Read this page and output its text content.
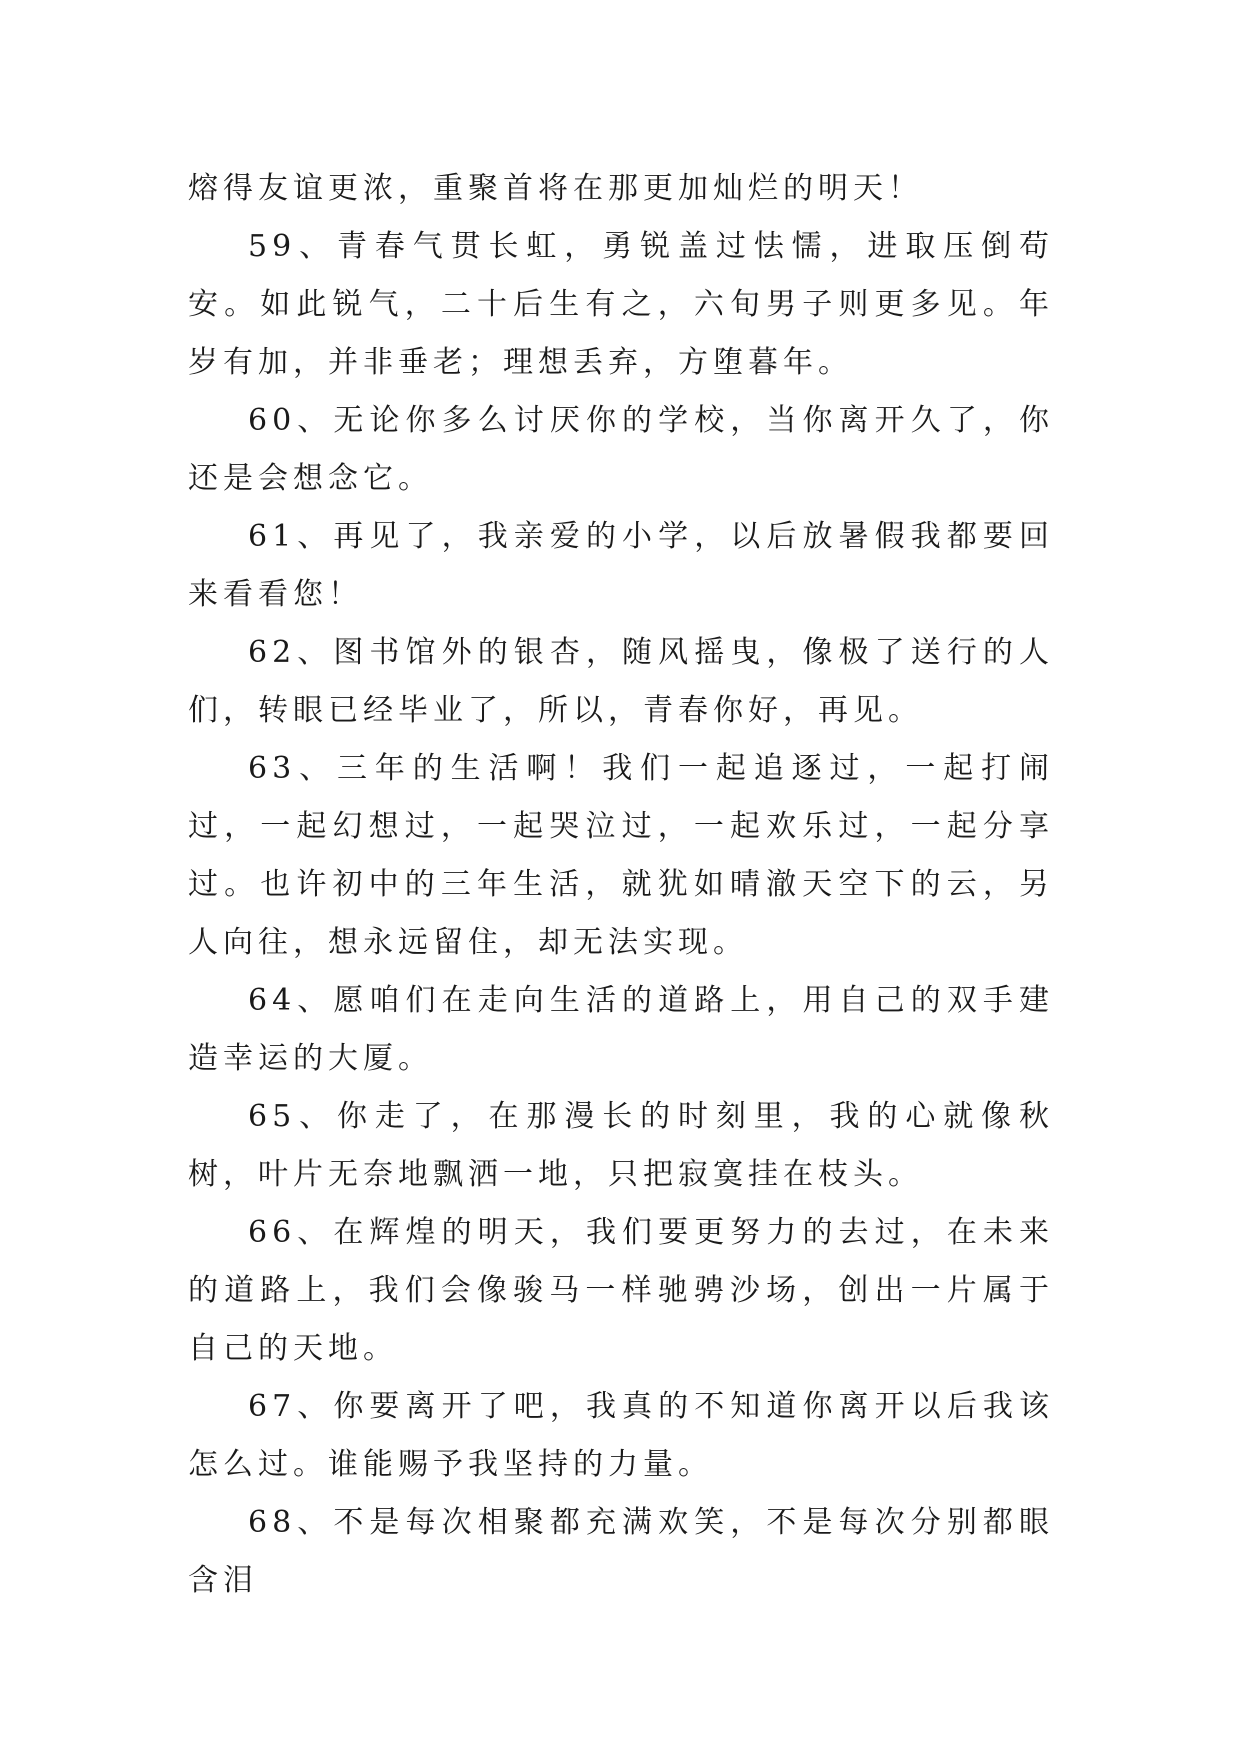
熔得友谊更浓，重聚首将在那更加灿烂的明天！

59、青春气贯长虹，勇锐盖过怯懦，进取压倒苟安。如此锐气，二十后生有之，六旬男子则更多见。年岁有加，并非垂老；理想丢弃，方堕暮年。

60、无论你多么讨厌你的学校，当你离开久了，你还是会想念它。

61、再见了，我亲爱的小学，以后放暑假我都要回来看看您！

62、图书馆外的银杏，随风摇曳，像极了送行的人们，转眼已经毕业了，所以，青春你好，再见。

63、三年的生活啊！我们一起追逐过，一起打闹过，一起幻想过，一起哭泣过，一起欢乐过，一起分享过。也许初中的三年生活，就犹如晴澈天空下的云，另人向往，想永远留住，却无法实现。

64、愿咱们在走向生活的道路上，用自己的双手建造幸运的大厦。

65、你走了，在那漫长的时刻里，我的心就像秋树，叶片无奈地飘洒一地，只把寂寞挂在枝头。

66、在辉煌的明天，我们要更努力的去过，在未来的道路上，我们会像骏马一样驰骋沙场，创出一片属于自己的天地。

67、你要离开了吧，我真的不知道你离开以后我该怎么过。谁能赐予我坚持的力量。

68、不是每次相聚都充满欢笑，不是每次分别都眼含泪
